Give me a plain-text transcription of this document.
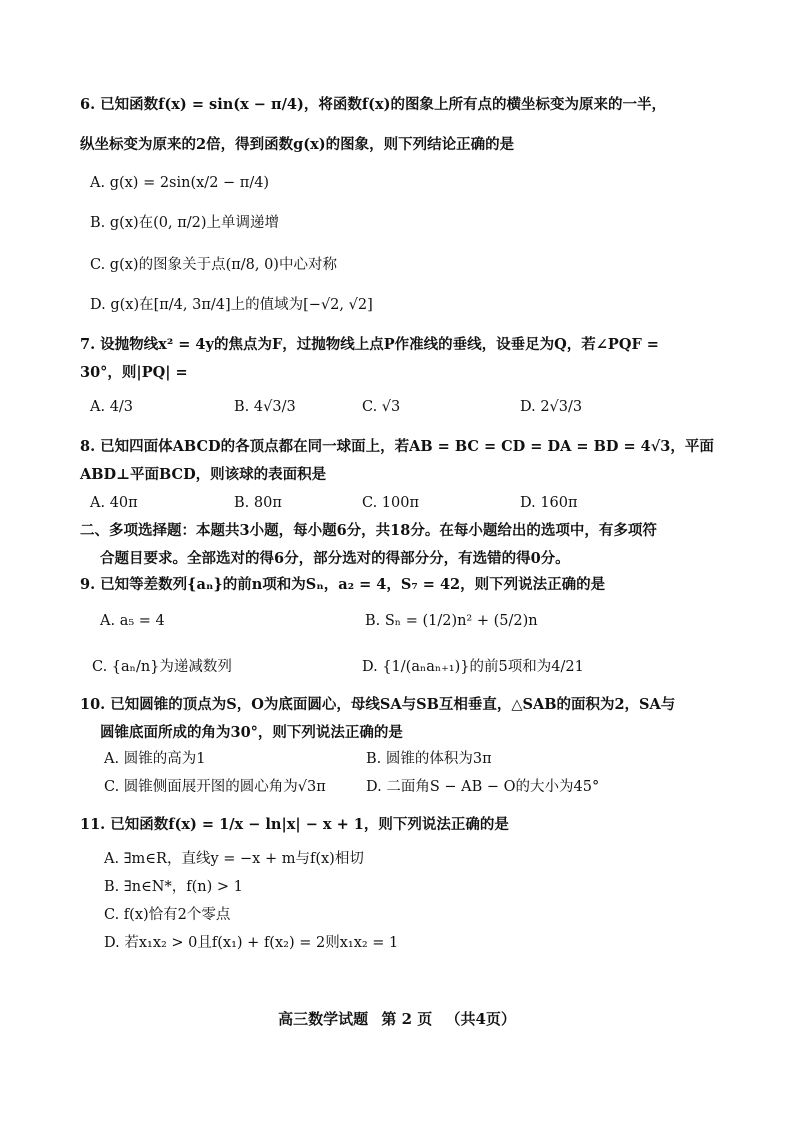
6. 已知函数f(x) = sin(x − π/4)，将函数f(x)的图象上所有点的横坐标变为原来的一半，
纵坐标变为原来的2倍，得到函数g(x)的图象，则下列结论正确的是
A. g(x) = 2sin(x/2 − π/4)
B. g(x)在(0, π/2)上单调递增
C. g(x)的图象关于点(π/8, 0)中心对称
D. g(x)在[π/4, 3π/4]上的值域为[−√2, √2]
7. 设抛物线x² = 4y的焦点为F，过抛物线上点P作准线的垂线，设垂足为Q，若∠PQF =
30°，则|PQ| =
A. 4/3	B. 4√3/3	C. √3	D. 2√3/3
8. 已知四面体ABCD的各顶点都在同一球面上，若AB = BC = CD = DA = BD = 4√3，平面
ABD⊥平面BCD，则该球的表面积是
A. 40π	B. 80π	C. 100π	D. 160π
二、多项选择题：本题共3小题，每小题6分，共18分。在每小题给出的选项中，有多项符
合题目要求。全部选对的得6分，部分选对的得部分分，有选错的得0分。
9. 已知等差数列{aₙ}的前n项和为Sₙ，a₂ = 4，S₇ = 42，则下列说法正确的是
A. a₅ = 4	B. Sₙ = (1/2)n² + (5/2)n
C. {aₙ/n}为递减数列	D. {1/(aₙaₙ₊₁)}的前5项和为4/21
10. 已知圆锥的顶点为S，O为底面圆心，母线SA与SB互相垂直，△SAB的面积为2，SA与
圆锥底面所成的角为30°，则下列说法正确的是
A. 圆锥的高为1	B. 圆锥的体积为3π
C. 圆锥侧面展开图的圆心角为√3π	D. 二面角S − AB − O的大小为45°
11. 已知函数f(x) = 1/x − ln|x| − x + 1，则下列说法正确的是
A. ∃m∈R，直线y = −x + m与f(x)相切
B. ∃n∈N*，f(n) > 1
C. f(x)恰有2个零点
D. 若x₁x₂ > 0且f(x₁) + f(x₂) = 2则x₁x₂ = 1
高三数学试题 第 2 页 （共4页）
